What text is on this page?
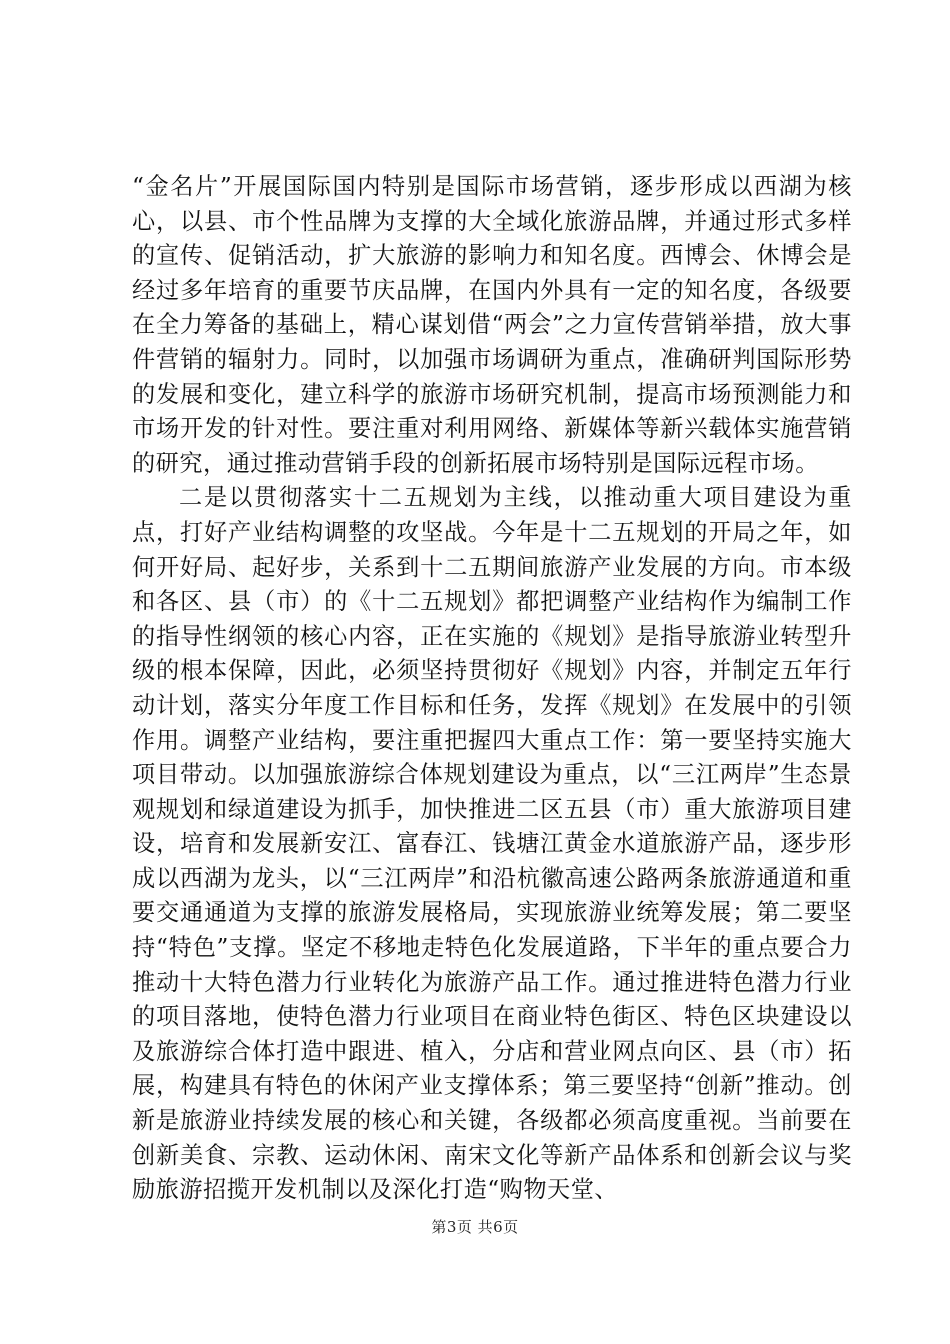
“金名片”开展国际国内特别是国际市场营销，逐步形成以西湖为核心，以县、市个性品牌为支撑的大全域化旅游品牌，并通过形式多样的宣传、促销活动，扩大旅游的影响力和知名度。西博会、休博会是经过多年培育的重要节庆品牌，在国内外具有一定的知名度，各级要在全力筹备的基础上，精心谋划借“两会”之力宣传营销举措，放大事件营销的辐射力。同时，以加强市场调研为重点，准确研判国际形势的发展和变化，建立科学的旅游市场研究机制，提高市场预测能力和市场开发的针对性。要注重对利用网络、新媒体等新兴载体实施营销的研究，通过推动营销手段的创新拓展市场特别是国际远程市场。

二是以贯彻落实十二五规划为主线，以推动重大项目建设为重点，打好产业结构调整的攻坚战。今年是十二五规划的开局之年，如何开好局、起好步，关系到十二五期间旅游产业发展的方向。市本级和各区、县（市）的《十二五规划》都把调整产业结构作为编制工作的指导性纲领的核心内容，正在实施的《规划》是指导旅游业转型升级的根本保障，因此，必须坚持贯彻好《规划》内容，并制定五年行动计划，落实分年度工作目标和任务，发挥《规划》在发展中的引领作用。调整产业结构，要注重把握四大重点工作：第一要坚持实施大项目带动。以加强旅游综合体规划建设为重点，以“三江两岸”生态景观规划和绿道建设为抓手，加快推进二区五县（市）重大旅游项目建设，培育和发展新安江、富春江、钱塘江黄金水道旅游产品，逐步形成以西湖为龙头，以“三江两岸”和沿杭徽高速公路两条旅游通道和重要交通通道为支撑的旅游发展格局，实现旅游业统筹发展；第二要坚持“特色”支撑。坚定不移地走特色化发展道路，下半年的重点要合力推动十大特色潜力行业转化为旅游产品工作。通过推进特色潜力行业的项目落地，使特色潜力行业项目在商业特色街区、特色区块建设以及旅游综合体打造中跟进、植入，分店和营业网点向区、县（市）拓展，构建具有特色的休闲产业支撑体系；第三要坚持“创新”推动。创新是旅游业持续发展的核心和关键，各级都必须高度重视。当前要在创新美食、宗教、运动休闲、南宋文化等新产品体系和创新会议与奖励旅游招揽开发机制以及深化打造“购物天堂、

第3页 共6页
